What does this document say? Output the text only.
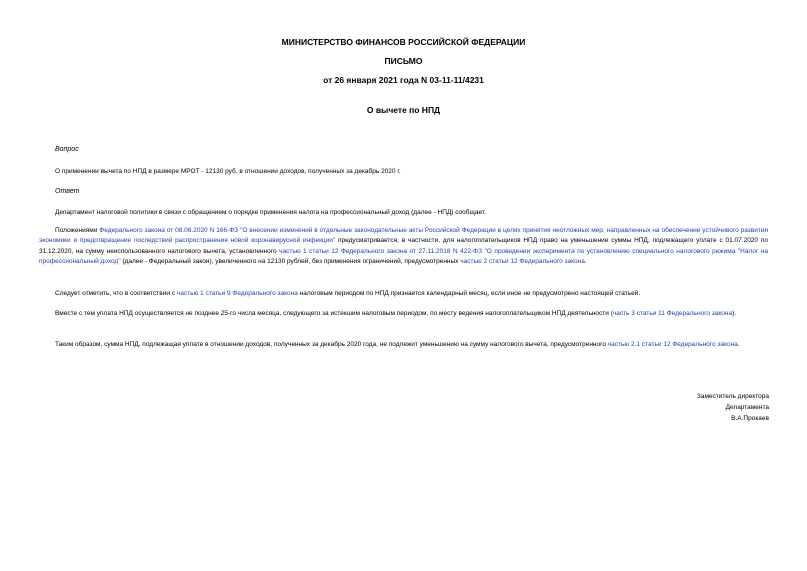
МИНИСТЕРСТВО ФИНАНСОВ РОССИЙСКОЙ ФЕДЕРАЦИИ

ПИСЬМО

от 26 января 2021 года N 03-11-11/4231

О вычете по НПД

Вопрос

О применении вычета по НПД в размере МРОТ - 12130 руб. в отношении доходов, полученных за декабрь 2020 г.

Ответ

Департамент налоговой политики в связи с обращением о порядке применения налога на профессиональный доход (далее - НПД) сообщает.

Положениями Федерального закона от 08.06.2020 N 166-ФЗ "О внесении изменений в отдельные законодательные акты Российской Федерации в целях принятия неотложных мер, направленных на обеспечение устойчивого развития экономики и предотвращение последствий распространения новой коронавирусной инфекции" предусматривается, в частности, для налогоплательщиков НПД право на уменьшение суммы НПД, подлежащего уплате с 01.07.2020 по 31.12.2020, на сумму неиспользованного налогового вычета, установленного частью 1 статьи 12 Федерального закона от 27.11.2018 N 422-ФЗ "О проведении эксперимента по установлению специального налогового режима "Налог на профессиональный доход" (далее - Федеральный закон), увеличенного на 12130 рублей, без применения ограничений, предусмотренных частью 2 статьи 12 Федерального закона.

Следует отметить, что в соответствии с частью 1 статьи 9 Федерального закона налоговым периодом по НПД признается календарный месяц, если иное не предусмотрено настоящей статьей.

Вместе с тем уплата НПД осуществляется не позднее 25-го числа месяца, следующего за истекшим налоговым периодом, по месту ведения налогоплательщиком НПД деятельности (часть 3 статьи 11 Федерального закона).

Таким образом, сумма НПД, подлежащая уплате в отношении доходов, полученных за декабрь 2020 года, не подлежит уменьшению на сумму налогового вычета, предусмотренного частью 2.1 статьи 12 Федерального закона.

Заместитель директора

Департамента

В.А.Прокаев
